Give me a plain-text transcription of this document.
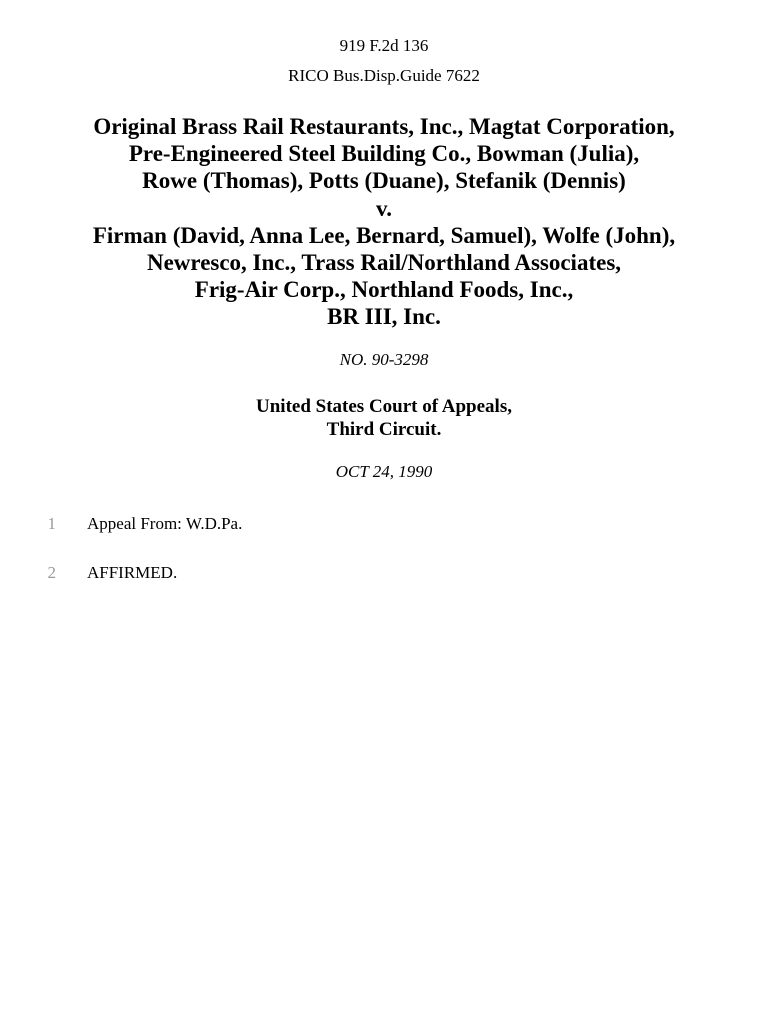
919 F.2d 136
RICO Bus.Disp.Guide 7622
Original Brass Rail Restaurants, Inc., Magtat Corporation,
Pre-Engineered Steel Building Co., Bowman (Julia),
Rowe (Thomas), Potts (Duane), Stefanik (Dennis)
v.
Firman (David, Anna Lee, Bernard, Samuel), Wolfe (John),
Newresco, Inc., Trass Rail/Northland Associates,
Frig-Air Corp., Northland Foods, Inc.,
BR III, Inc.
NO. 90-3298
United States Court of Appeals,
Third Circuit.
OCT 24, 1990
1 Appeal From: W.D.Pa.
2 AFFIRMED.
